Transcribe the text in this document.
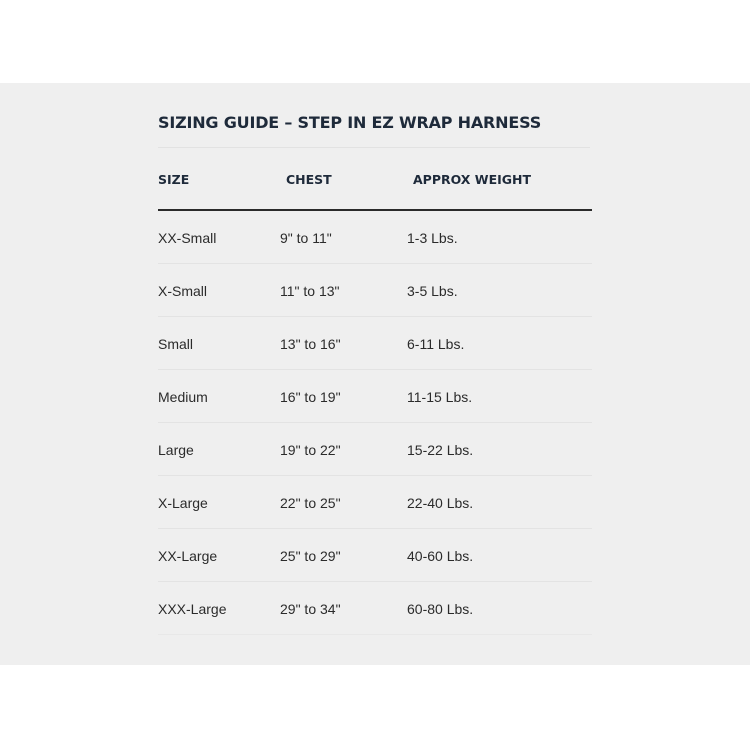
SIZING GUIDE – STEP IN EZ WRAP HARNESS
SIZE	CHEST	APPROX WEIGHT
XX-Small	9" to 11"	1-3 Lbs.
X-Small	11" to 13"	3-5 Lbs.
Small	13" to 16"	6-11 Lbs.
Medium	16" to 19"	11-15 Lbs.
Large	19" to 22"	15-22 Lbs.
X-Large	22" to 25"	22-40 Lbs.
XX-Large	25" to 29"	40-60 Lbs.
XXX-Large	29" to 34"	60-80 Lbs.
